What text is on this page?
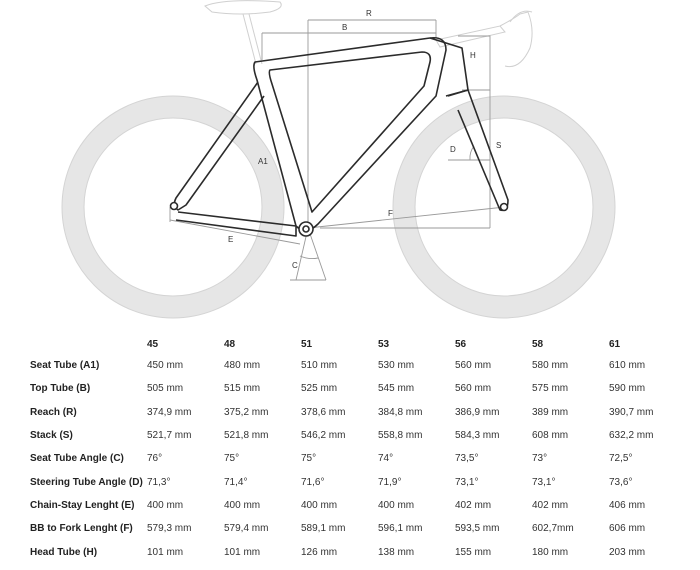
R
B
H
A1
S
D
F
E
C
	45	48	51	53	56	58	61
Seat Tube (A1)	450 mm	480 mm	510 mm	530 mm	560 mm	580 mm	610 mm
Top Tube (B)	505 mm	515 mm	525 mm	545 mm	560 mm	575 mm	590 mm
Reach (R)	374,9 mm	375,2 mm	378,6 mm	384,8 mm	386,9 mm	389 mm	390,7 mm
Stack (S)	521,7 mm	521,8 mm	546,2 mm	558,8 mm	584,3 mm	608 mm	632,2 mm
Seat Tube Angle (C)	76°	75°	75°	74°	73,5°	73°	72,5°
Steering Tube Angle (D)	71,3°	71,4°	71,6°	71,9°	73,1°	73,1°	73,6°
Chain-Stay Lenght (E)	400 mm	400 mm	400 mm	400 mm	402 mm	402 mm	406 mm
BB to Fork Lenght (F)	579,3 mm	579,4 mm	589,1 mm	596,1 mm	593,5 mm	602,7mm	606 mm
Head Tube (H)	101 mm	101 mm	126 mm	138 mm	155 mm	180 mm	203 mm
